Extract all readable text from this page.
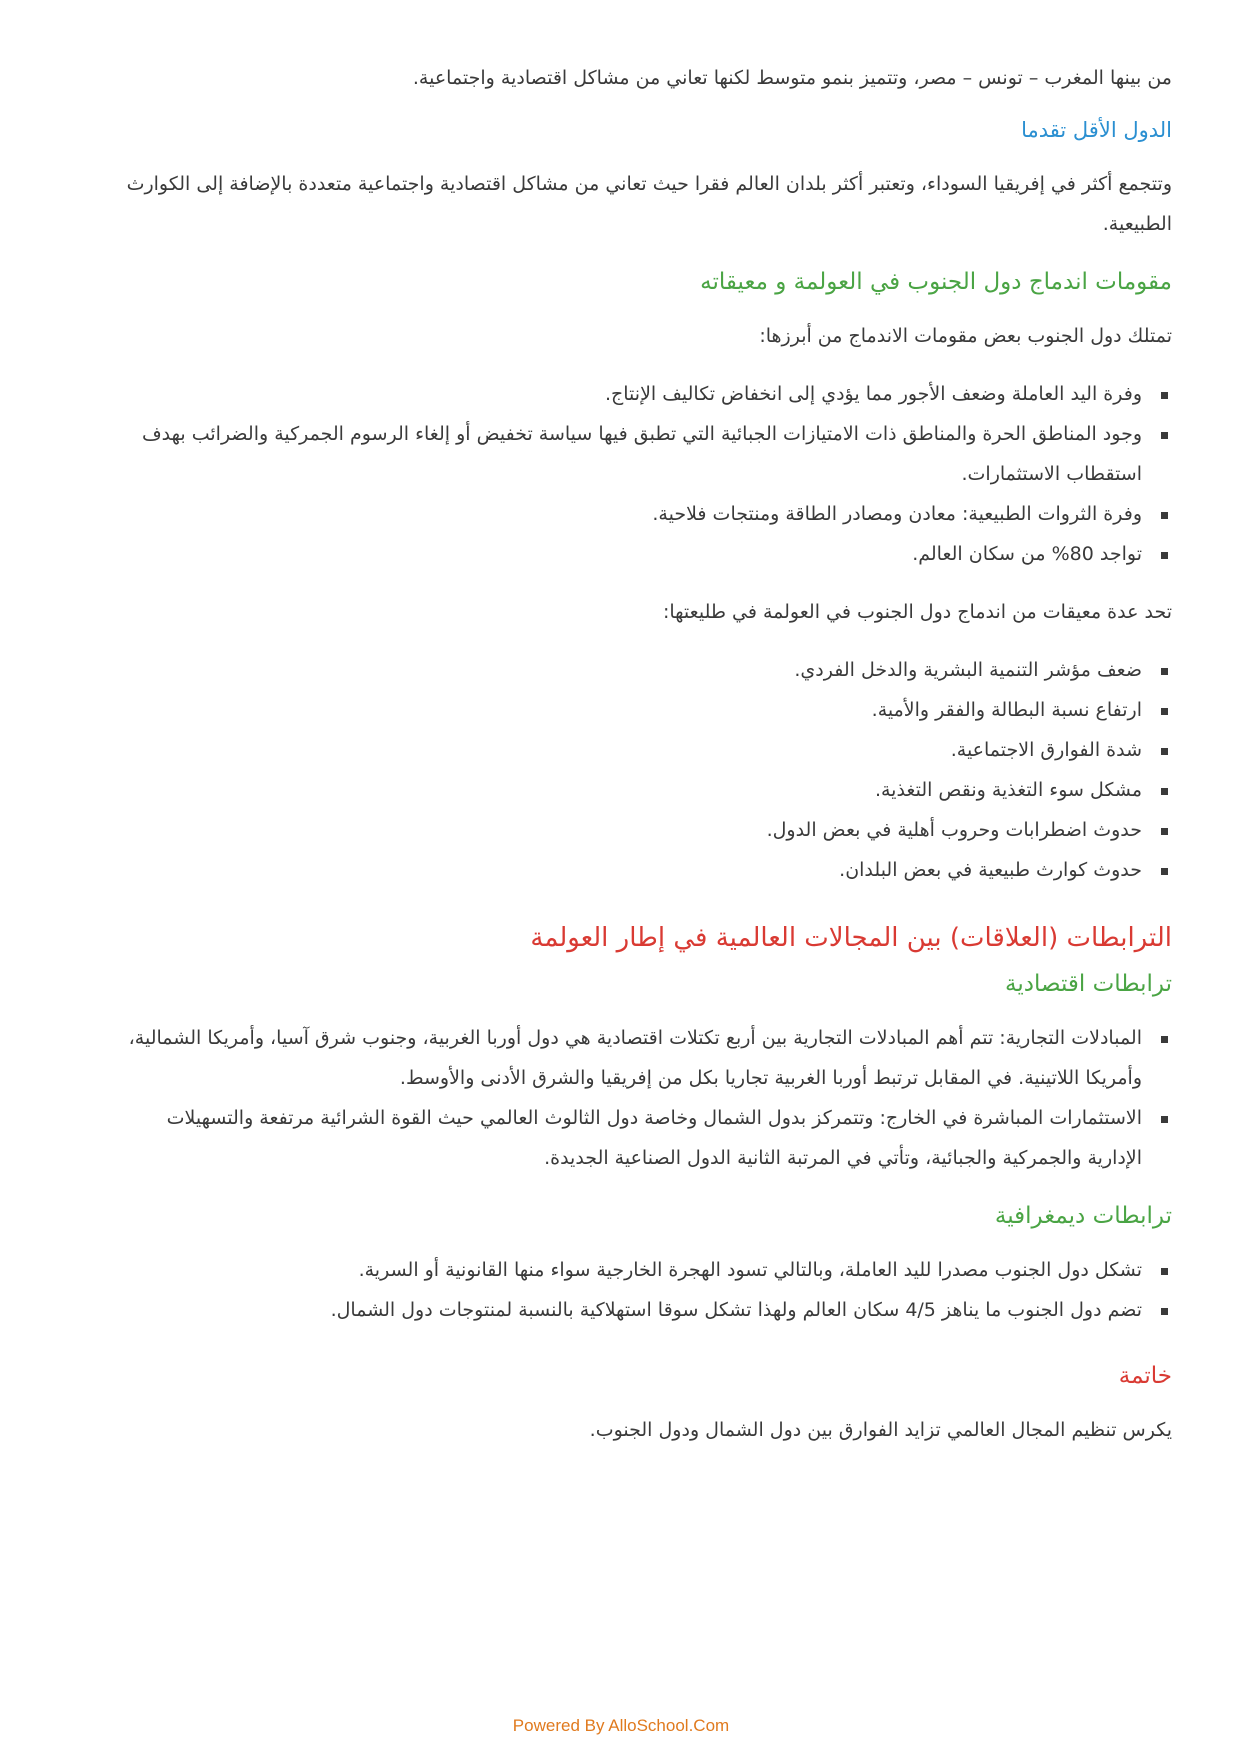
من بينها المغرب – تونس – مصر، وتتميز بنمو متوسط لكنها تعاني من مشاكل اقتصادية واجتماعية.

الدول الأقل تقدما

وتتجمع أكثر في إفريقيا السوداء، وتعتبر أكثر بلدان العالم فقرا حيث تعاني من مشاكل اقتصادية واجتماعية متعددة بالإضافة إلى الكوارث الطبيعية.

مقومات اندماج دول الجنوب في العولمة و معيقاته

تمتلك دول الجنوب بعض مقومات الاندماج من أبرزها:

وفرة اليد العاملة وضعف الأجور مما يؤدي إلى انخفاض تكاليف الإنتاج.
وجود المناطق الحرة والمناطق ذات الامتيازات الجبائية التي تطبق فيها سياسة تخفيض أو إلغاء الرسوم الجمركية والضرائب بهدف استقطاب الاستثمارات.
وفرة الثروات الطبيعية: معادن ومصادر الطاقة ومنتجات فلاحية.
تواجد 80% من سكان العالم.

تحد عدة معيقات من اندماج دول الجنوب في العولمة في طليعتها:

ضعف مؤشر التنمية البشرية والدخل الفردي.
ارتفاع نسبة البطالة والفقر والأمية.
شدة الفوارق الاجتماعية.
مشكل سوء التغذية ونقص التغذية.
حدوث اضطرابات وحروب أهلية في بعض الدول.
حدوث كوارث طبيعية في بعض البلدان.
الترابطات (العلاقات) بين المجالات العالمية في إطار العولمة
ترابطات اقتصادية
المبادلات التجارية: تتم أهم المبادلات التجارية بين أربع تكتلات اقتصادية هي دول أوربا الغربية، وجنوب شرق آسيا، وأمريكا الشمالية، وأمريكا اللاتينية. في المقابل ترتبط أوربا الغربية تجاريا بكل من إفريقيا والشرق الأدنى والأوسط.
الاستثمارات المباشرة في الخارج: وتتمركز بدول الشمال وخاصة دول الثالوث العالمي حيث القوة الشرائية مرتفعة والتسهيلات الإدارية والجمركية والجبائية، وتأتي في المرتبة الثانية الدول الصناعية الجديدة.
ترابطات ديمغرافية
تشكل دول الجنوب مصدرا لليد العاملة، وبالتالي تسود الهجرة الخارجية سواء منها القانونية أو السرية.
تضم دول الجنوب ما يناهز 4/5 سكان العالم ولهذا تشكل سوقا استهلاكية بالنسبة لمنتوجات دول الشمال.
خاتمة

يكرس تنظيم المجال العالمي تزايد الفوارق بين دول الشمال ودول الجنوب.

Powered By AlloSchool.Com
